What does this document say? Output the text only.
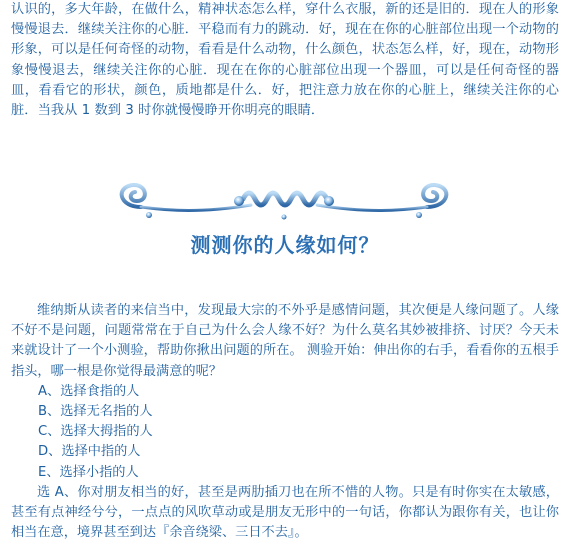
认识的，多大年龄，在做什么，精神状态怎么样，穿什么衣服，新的还是旧的．现在人的形象慢慢退去．继续关注你的心脏．平稳而有力的跳动．好，现在在你的心脏部位出现一个动物的形象，可以是任何奇怪的动物，看看是什么动物，什么颜色，状态怎么样，好，现在，动物形象慢慢退去，继续关注你的心脏．现在在你的心脏部位出现一个器皿，可以是任何奇怪的器皿，看看它的形状，颜色，质地都是什么．好，把注意力放在你的心脏上，继续关注你的心脏．当我从 1 数到 3 时你就慢慢睁开你明亮的眼睛．

测测你的人缘如何？

维纳斯从读者的来信当中，发现最大宗的不外乎是感情问题，其次便是人缘问题了。人缘不好不是问题，问题常常在于自己为什么会人缘不好？为什么莫名其妙被排挤、讨厌？今天未来就设计了一个小测验，帮助你揪出问题的所在。 测验开始：伸出你的右手，看看你的五根手指头，哪一根是你觉得最满意的呢？

A、选择食指的人

B、选择无名指的人

C、选择大拇指的人

D、选择中指的人

E、选择小指的人

选 A、你对朋友相当的好，甚至是两肋插刀也在所不惜的人物。只是有时你实在太敏感，甚至有点神经兮兮，一点点的风吹草动或是朋友无形中的一句话，你都认为跟你有关，也让你相当在意，境界甚至到达『余音绕梁、三日不去』。
